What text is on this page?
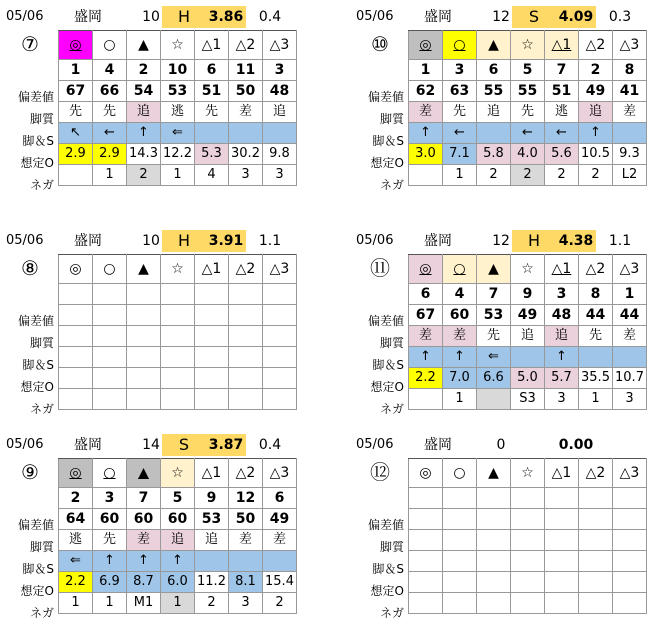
05/06 盛岡	10	H	3.86	0.4
⑦
偏差値
脚質
脚＆S
想定O
ネガ
◎	○	▲	☆	△1	△2	△3
1	4	2	10	6	11	3
67	66	54	53	51	50	48
先	先	追	逃	先	差	追
↖	←	↑	⇐			
2.9	2.9	14.3	12.2	5.3	30.2	9.8
	1	2	1	4	3	3
05/06 盛岡	12	S	4.09	0.3
⑩
偏差値
脚質
脚＆S
想定O
ネガ
◎	○	▲	☆	△1	△2	△3
1	3	6	5	7	2	8
62	63	55	55	51	49	41
差	先	追	先	逃	追	差
↑	←		←	←	↑	
3.0	7.1	5.8	4.0	5.6	10.5	9.3
	1	2	2	2	2	L2
05/06 盛岡	10	H	3.91	1.1
⑧
偏差値
脚質
脚＆S
想定O
ネガ
◎	○	▲	☆	△1	△2	△3

05/06 盛岡	12	H	4.38	1.1
⑪
偏差値
脚質
脚＆S
想定O
ネガ
◎	○	▲	☆	△1	△2	△3
6	4	7	9	3	8	1
67	60	53	49	48	44	44
差	差	先	追	追	先	差
↑	↑	⇐		↑		
2.2	7.0	6.6	5.0	5.7	35.5	10.7
	1		S3	3	1	3
05/06 盛岡	14	S	3.87	0.4
⑨
偏差値
脚質
脚＆S
想定O
ネガ
◎	○	▲	☆	△1	△2	△3
2	3	7	5	9	12	6
64	60	60	60	53	50	49
逃	先	差	追	追	差	差
⇐	↑	↑	↑			
2.2	6.9	8.7	6.0	11.2	8.1	15.4
1	1	M1	1	2	3	2
05/06 盛岡	0	0.00
⑫
偏差値
脚質
脚＆S
想定O
ネガ
◎	○	▲	☆	△1	△2	△3
